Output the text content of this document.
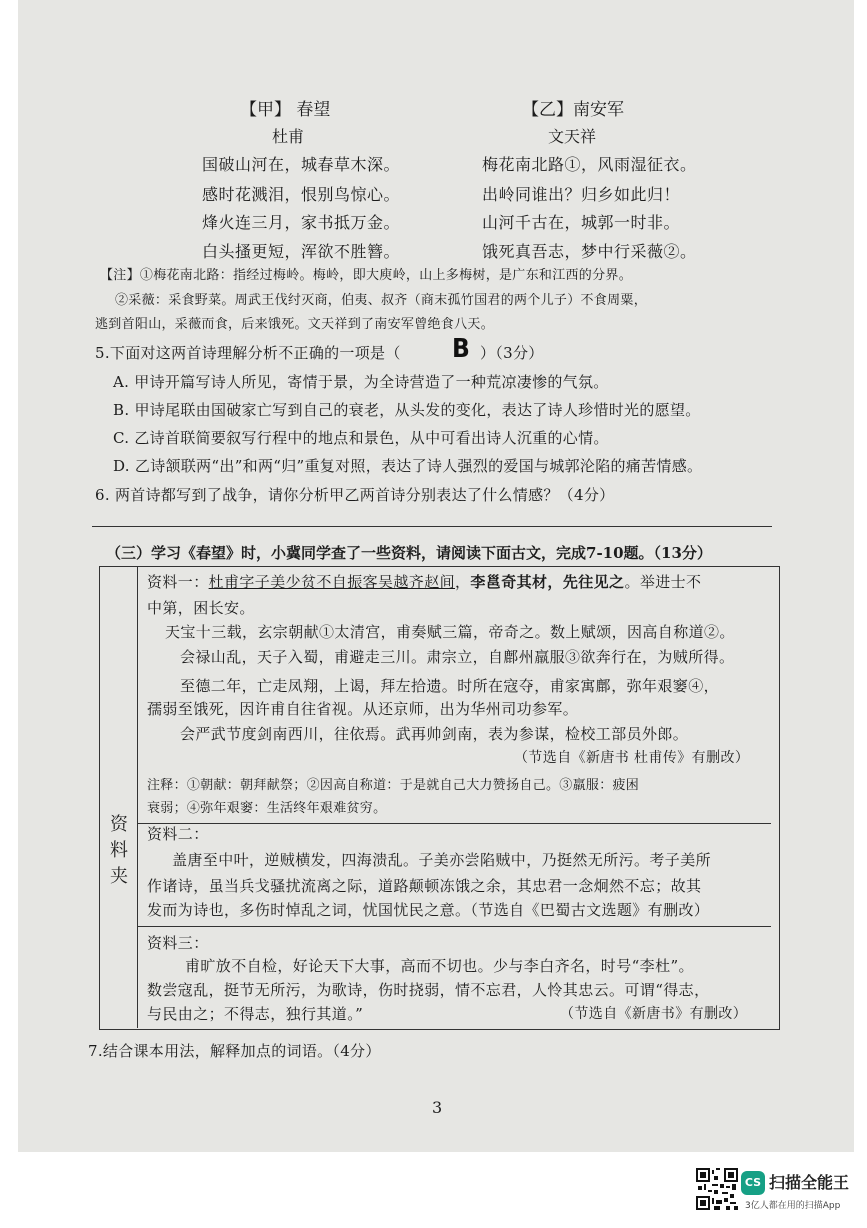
【甲】 春望
杜甫
国破山河在，城春草木深。
感时花溅泪，恨别鸟惊心。
烽火连三月，家书抵万金。
白头搔更短，浑欲不胜簪。
【乙】南安军
文天祥
梅花南北路①，风雨湿征衣。
出岭同谁出？归乡如此归！
山河千古在，城郭一时非。
饿死真吾志，梦中行采薇②。
【注】①梅花南北路：指经过梅岭。梅岭，即大庾岭，山上多梅树，是广东和江西的分界。
②采薇：采食野菜。周武王伐纣灭商，伯夷、叔齐（商末孤竹国君的两个儿子）不食周粟，
逃到首阳山，采薇而食，后来饿死。文天祥到了南安军曾绝食八天。
5.下面对这两首诗理解分析不正确的一项是（ B ）（3分）
A. 甲诗开篇写诗人所见，寄情于景，为全诗营造了一种荒凉凄惨的气氛。
B. 甲诗尾联由国破家亡写到自己的衰老，从头发的变化，表达了诗人珍惜时光的愿望。
C. 乙诗首联简要叙写行程中的地点和景色，从中可看出诗人沉重的心情。
D. 乙诗颔联两“出”和两“归”重复对照，表达了诗人强烈的爱国与城郭沦陷的痛苦情感。
6. 两首诗都写到了战争，请你分析甲乙两首诗分别表达了什么情感？（4分）
（三）学习《春望》时，小冀同学查了一些资料，请阅读下面古文，完成7-10题。（13分）
资
料
夹
资料一：杜甫字子美少贫不自振客吴越齐赵间，李邕奇其材，先往见之。举进士不
中第，困长安。
天宝十三载，玄宗朝献①太清宫，甫奏赋三篇，帝奇之。数上赋颂，因高自称道②。
会禄山乱，天子入蜀，甫避走三川。肃宗立，自鄜州羸服③欲奔行在，为贼所得。
至德二年，亡走凤翔，上谒，拜左拾遗。时所在寇夺，甫家寓鄜，弥年艰窭④，
孺弱至饿死，因许甫自往省视。从还京师，出为华州司功参军。
会严武节度剑南西川，往依焉。武再帅剑南，表为参谋，检校工部员外郎。
（节选自《新唐书 杜甫传》有删改）
注释：①朝献：朝拜献祭；②因高自称道：于是就自己大力赞扬自己。③羸服：疲困
衰弱；④弥年艰窭：生活终年艰难贫穷。
资料二：
盖唐至中叶，逆贼横发，四海溃乱。子美亦尝陷贼中，乃挺然无所污。考子美所
作诸诗，虽当兵戈骚扰流离之际，道路颠顿冻饿之余，其忠君一念炯然不忘；故其
发而为诗也，多伤时悼乱之词，忧国忧民之意。（节选自《巴蜀古文选题》有删改）
资料三：
甫旷放不自检，好论天下大事，高而不切也。少与李白齐名，时号“李杜”。
数尝寇乱，挺节无所污，为歌诗，伤时挠弱，情不忘君，人怜其忠云。可谓“得志，
与民由之；不得志，独行其道。”	（节选自《新唐书》有删改）
7.结合课本用法，解释加点的词语。（4分）
3
CS 扫描全能王
3亿人都在用的扫描App
